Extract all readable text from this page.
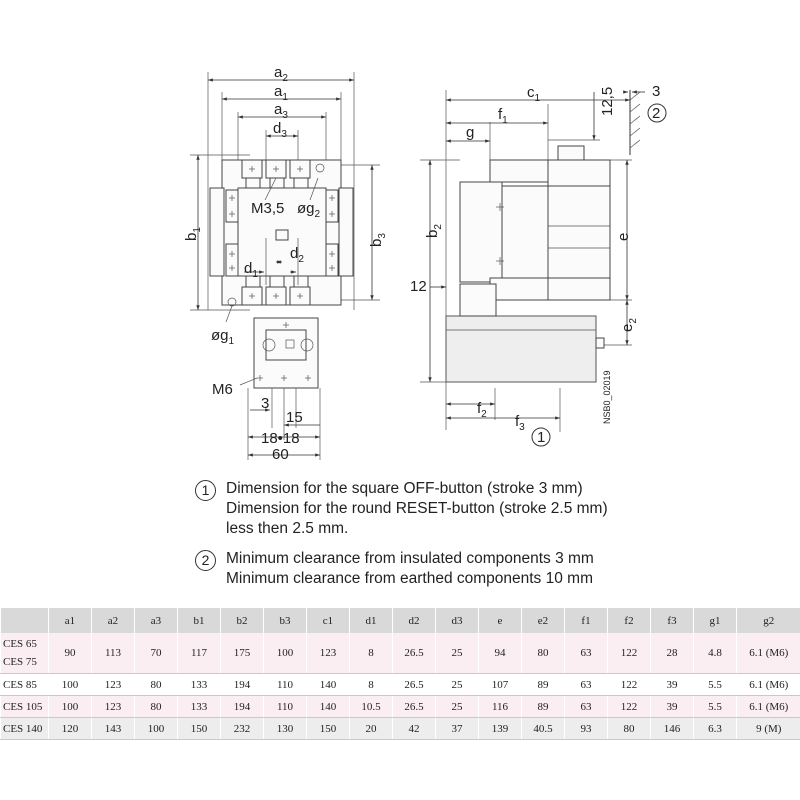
$a_2$
$a_1$
$a_3$
$d_3$
$b_1$
$b_3$
M3,5 $øg_2$
$d_1$
$d_2$
$øg_1$
M6
3
15
18•18
60
3
2
$c_1$	12,5
$f_1$
g
$b_2$
e
$e_2$
12
$f_2$ $f_3$
1
NSB0_02019
1	Dimension for the square OFF-button (stroke 3 mm)
Dimension for the round RESET-button (stroke 2.5 mm)
less then 2.5 mm.
2	Minimum clearance from insulated components 3 mm
Minimum clearance from earthed components 10 mm
	a1	a2	a3	b1	b2	b3	c1	d1	d2	d3	e	e2	f1	f2	f3	g1	g2

CES 65
CES 75	90	113	70	117	175	100	123	8	26.5	25	94	80	63	122	28	4.8	6.1 (M6)
CES 85	100	123	80	133	194	110	140	8	26.5	25	107	89	63	122	39	5.5	6.1 (M6)
CES 105	100	123	80	133	194	110	140	10.5	26.5	25	116	89	63	122	39	5.5	6.1 (M6)
CES 140	120	143	100	150	232	130	150	20	42	37	139	40.5	93	80	146	6.3	9 (M)
